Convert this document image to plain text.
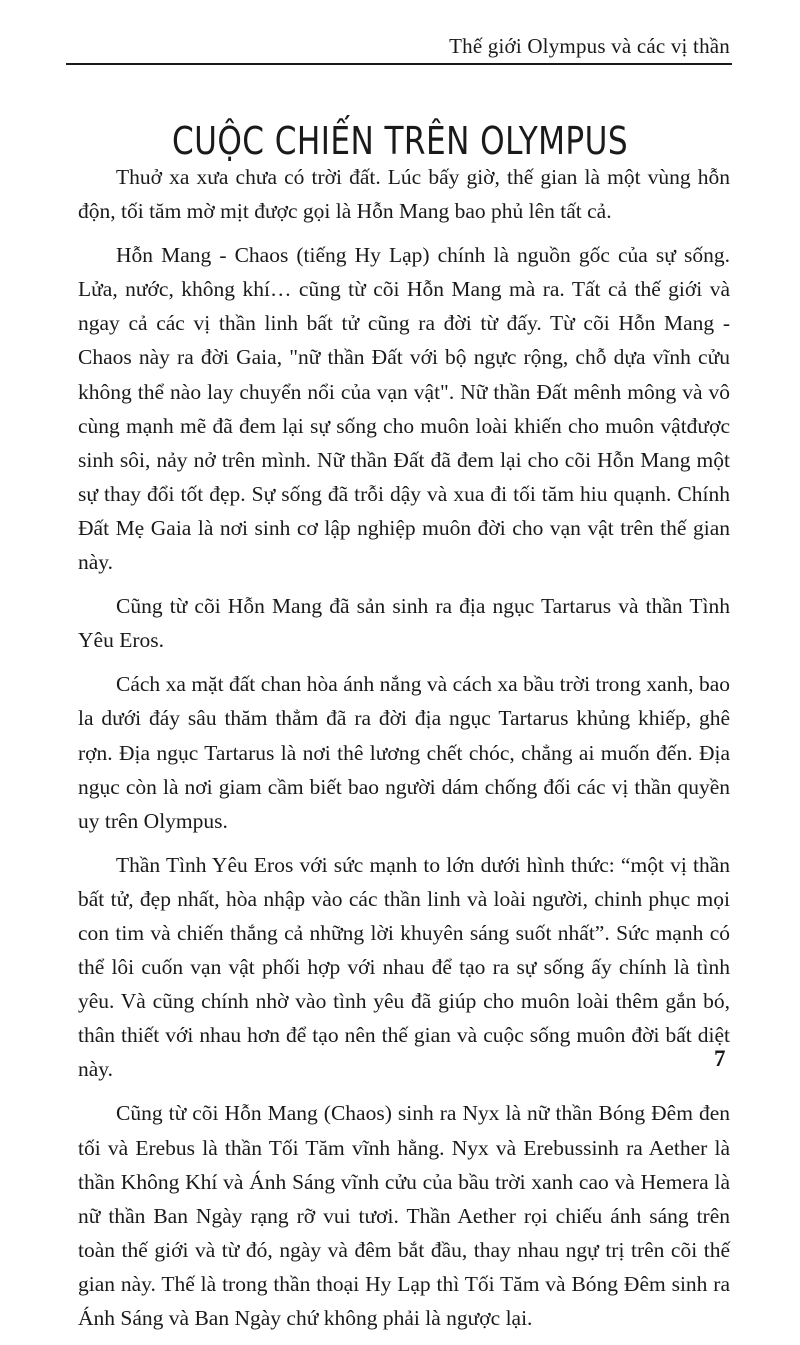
Thế giới Olympus và các vị thần
CUỘC CHIẾN TRÊN OLYMPUS

Thuở xa xưa chưa có trời đất. Lúc bấy giờ, thế gian là một vùng hỗn độn, tối tăm mờ mịt được gọi là Hỗn Mang bao phủ lên tất cả.

Hỗn Mang - Chaos (tiếng Hy Lạp) chính là nguồn gốc của sự sống. Lửa, nước, không khí… cũng từ cõi Hỗn Mang mà ra. Tất cả thế giới và ngay cả các vị thần linh bất tử cũng ra đời từ đấy. Từ cõi Hỗn Mang - Chaos này ra đời Gaia, "nữ thần Đất với bộ ngực rộng, chỗ dựa vĩnh cửu không thể nào lay chuyển nổi của vạn vật". Nữ thần Đất mênh mông và vô cùng mạnh mẽ đã đem lại sự sống cho muôn loài khiến cho muôn vậtđược sinh sôi, nảy nở trên mình. Nữ thần Đất đã đem lại cho cõi Hỗn Mang một sự thay đổi tốt đẹp. Sự sống đã trỗi dậy và xua đi tối tăm hiu quạnh. Chính Đất Mẹ Gaia là nơi sinh cơ lập nghiệp muôn đời cho vạn vật trên thế gian này.

Cũng từ cõi Hỗn Mang đã sản sinh ra địa ngục Tartarus và thần Tình Yêu Eros.

Cách xa mặt đất chan hòa ánh nắng và cách xa bầu trời trong xanh, bao la dưới đáy sâu thăm thẳm đã ra đời địa ngục Tartarus khủng khiếp, ghê rợn. Địa ngục Tartarus là nơi thê lương chết chóc, chẳng ai muốn đến. Địa ngục còn là nơi giam cầm biết bao người dám chống đối các vị thần quyền uy trên Olympus.

Thần Tình Yêu Eros với sức mạnh to lớn dưới hình thức: “một vị thần bất tử, đẹp nhất, hòa nhập vào các thần linh và loài người, chinh phục mọi con tim và chiến thắng cả những lời khuyên sáng suốt nhất”. Sức mạnh có thể lôi cuốn vạn vật phối hợp với nhau để tạo ra sự sống ấy chính là tình yêu. Và cũng chính nhờ vào tình yêu đã giúp cho muôn loài thêm gắn bó, thân thiết với nhau hơn để tạo nên thế gian và cuộc sống muôn đời bất diệt này.

Cũng từ cõi Hỗn Mang (Chaos) sinh ra Nyx là nữ thần Bóng Đêm đen tối và Erebus là thần Tối Tăm vĩnh hằng. Nyx và Erebussinh ra Aether là thần Không Khí và Ánh Sáng vĩnh cửu của bầu trời xanh cao và Hemera là nữ thần Ban Ngày rạng rỡ vui tươi. Thần Aether rọi chiếu ánh sáng trên toàn thế giới và từ đó, ngày và đêm bắt đầu, thay nhau ngự trị trên cõi thế gian này. Thế là trong thần thoại Hy Lạp thì Tối Tăm và Bóng Đêm sinh ra Ánh Sáng và Ban Ngày chứ không phải là ngược lại.

7
